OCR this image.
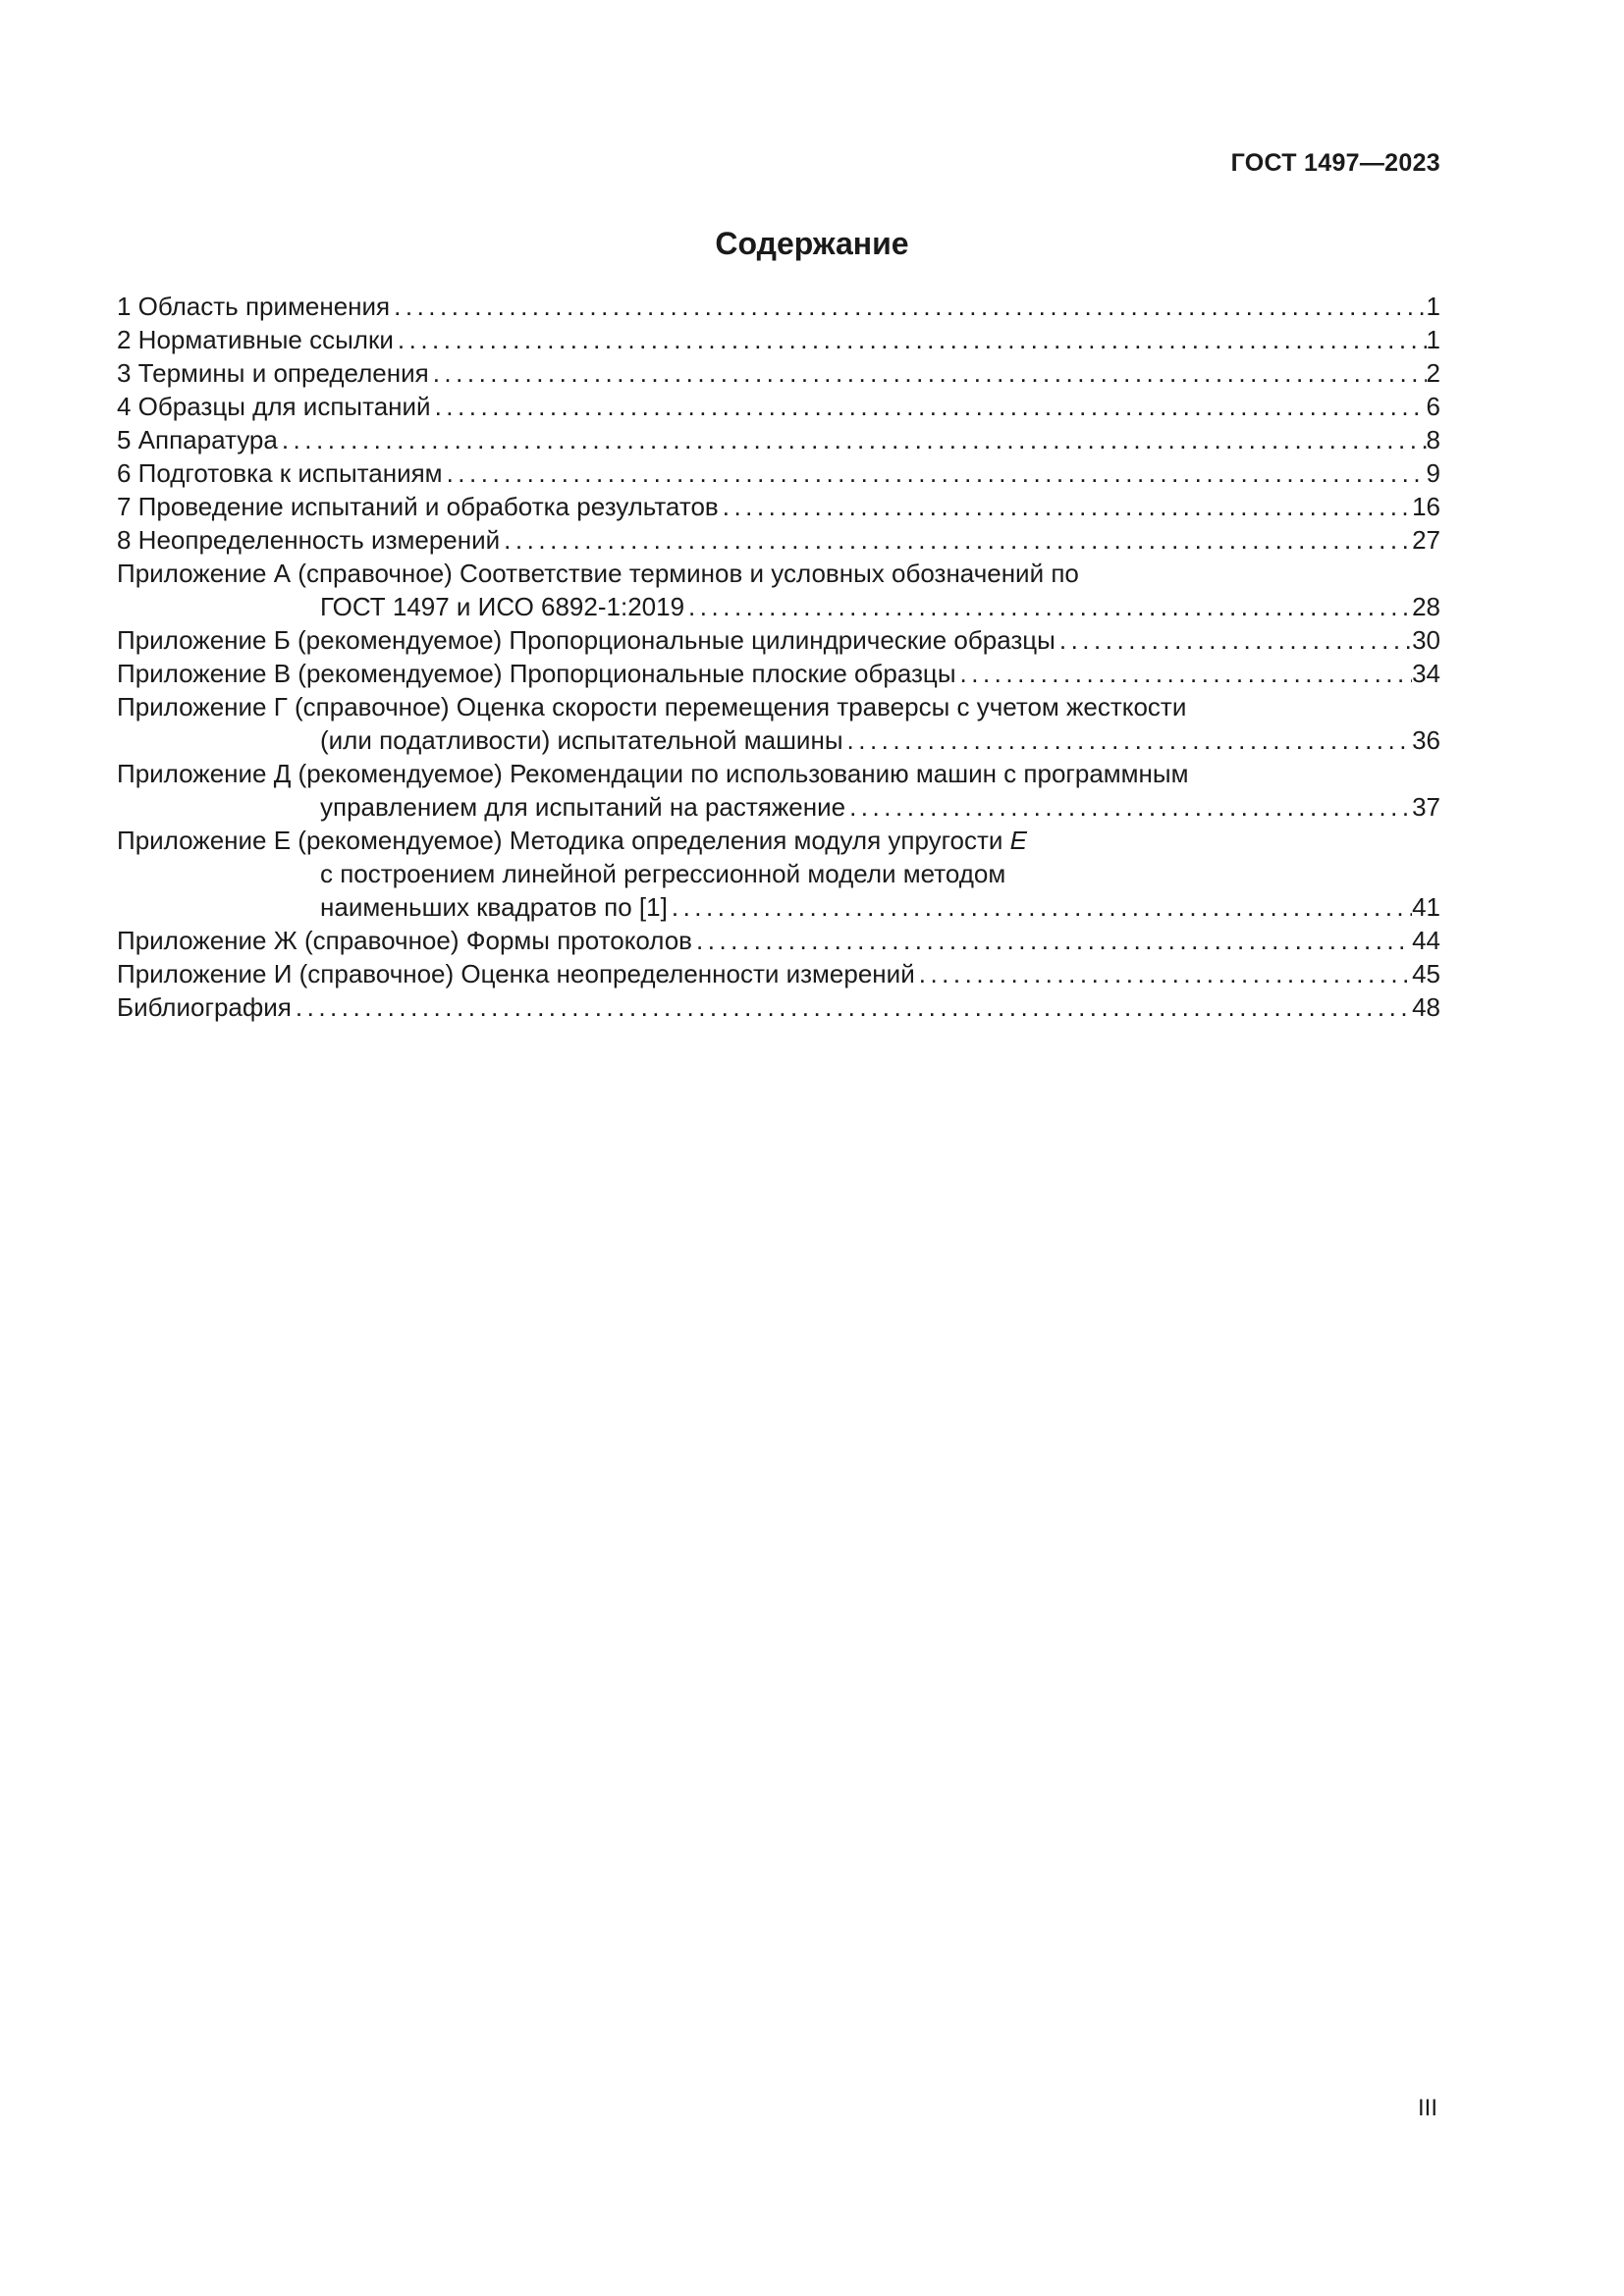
ГОСТ 1497—2023
Содержание
1 Область применения .....	1
2 Нормативные ссылки .....	1
3 Термины и определения .....	2
4 Образцы для испытаний .....	6
5 Аппаратура .....	8
6 Подготовка к испытаниям .....	9
7 Проведение испытаний и обработка результатов .....	16
8 Неопределенность измерений .....	27
Приложение А (справочное) Соответствие терминов и условных обозначений по
ГОСТ 1497 и ИСО 6892-1:2019 .....	28
Приложение Б (рекомендуемое) Пропорциональные цилиндрические образцы .....	30
Приложение В (рекомендуемое) Пропорциональные плоские образцы .....	34
Приложение Г (справочное) Оценка скорости перемещения траверсы с учетом жесткости
(или податливости) испытательной машины .....	36
Приложение Д (рекомендуемое) Рекомендации по использованию машин с программным
управлением для испытаний на растяжение .....	37
Приложение Е (рекомендуемое) Методика определения модуля упругости E
с построением линейной регрессионной модели методом
наименьших квадратов по [1] .....	41
Приложение Ж (справочное) Формы протоколов .....	44
Приложение И (справочное) Оценка неопределенности измерений .....	45
Библиография .....	48
III
